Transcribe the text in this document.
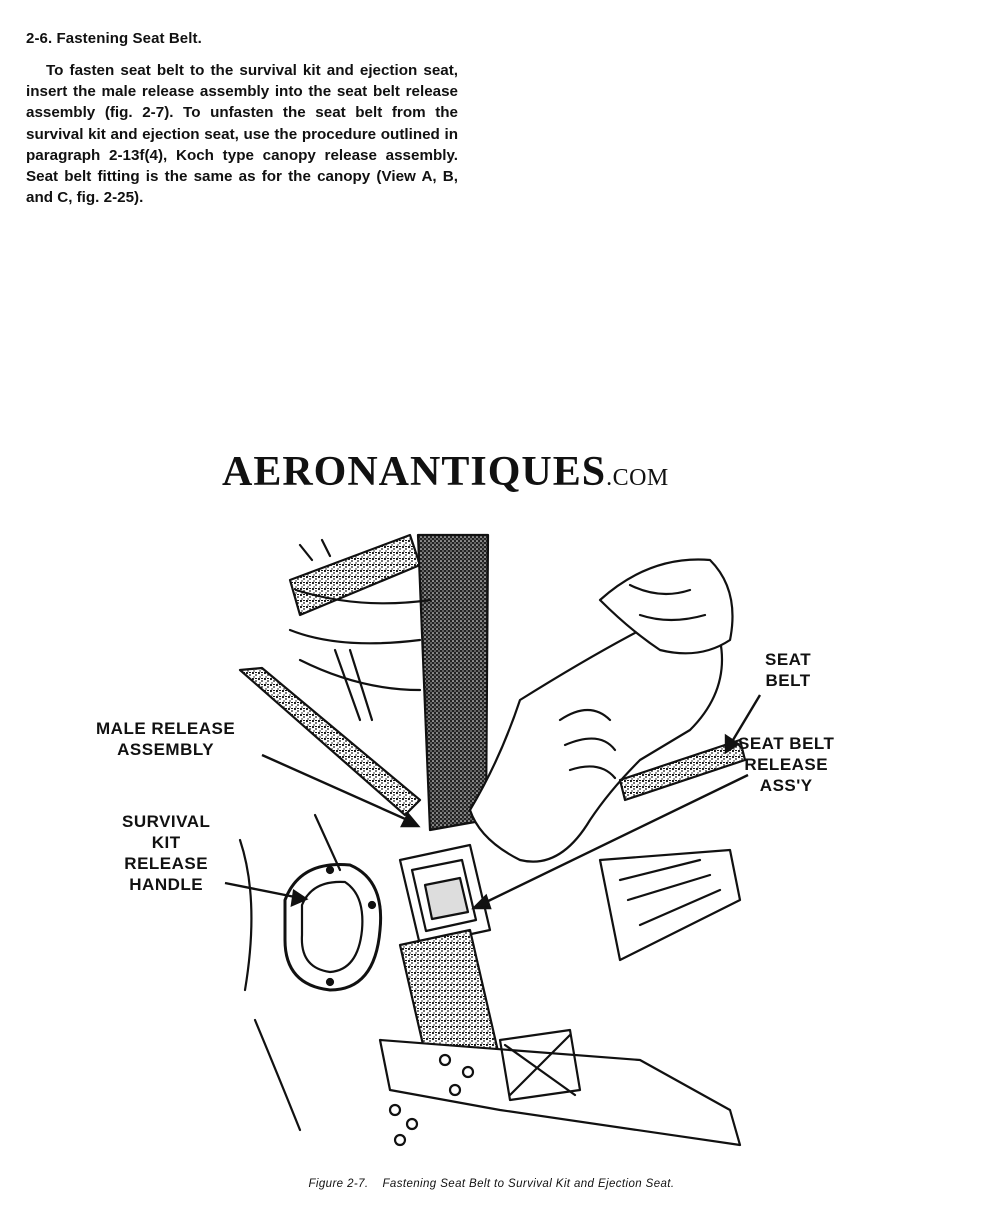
2-6. Fastening Seat Belt.
To fasten seat belt to the survival kit and ejection seat, insert the male release assembly into the seat belt release assembly (fig. 2-7). To unfasten the seat belt from the survival kit and ejection seat, use the procedure outlined in paragraph 2-13f(4), Koch type canopy release assembly. Seat belt fitting is the same as for the canopy (View A, B, and C, fig. 2-25).
AERONANTIQUES.COM
MALE RELEASE
ASSEMBLY
SURVIVAL
KIT
RELEASE
HANDLE
SEAT
BELT
SEAT BELT
RELEASE
ASS'Y
Figure 2-7. Fastening Seat Belt to Survival Kit and Ejection Seat.
